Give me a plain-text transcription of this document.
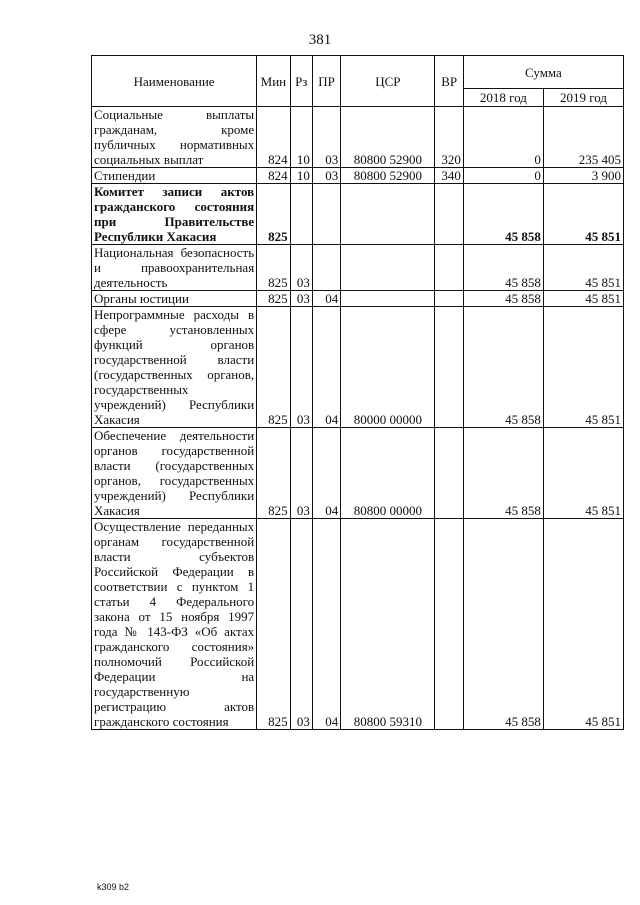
381
Наименование	Мин	Рз	ПР	ЦСР	ВР	Сумма	
						2018 год	2019 год
Социальные выплаты гражданам, кроме публичных нормативных социальных выплат	824	10	03	80800 52900	320	0	235 405
Стипендии	824	10	03	80800 52900	340	0	3 900
Комитет записи актов гражданского состояния при Правительстве Республики Хакасия	825					45 858	45 851
Национальная безопасность и правоохранительная деятельность	825	03				45 858	45 851
Органы юстиции	825	03	04			45 858	45 851
Непрограммные расходы в сфере установленных функций органов государственной власти (государственных органов, государственных учреждений) Республики Хакасия	825	03	04	80000 00000		45 858	45 851
Обеспечение деятельности органов государственной власти (государственных органов, государственных учреждений) Республики Хакасия	825	03	04	80800 00000		45 858	45 851
Осуществление переданных органам государственной власти субъектов Российской Федерации в соответствии с пунктом 1 статьи 4 Федерального закона от 15 ноября 1997 года № 143-ФЗ «Об актах гражданского состояния» полномочий Российской Федерации на государственную регистрацию актов гражданского состояния	825	03	04	80800 59310		45 858	45 851
k309 b2
